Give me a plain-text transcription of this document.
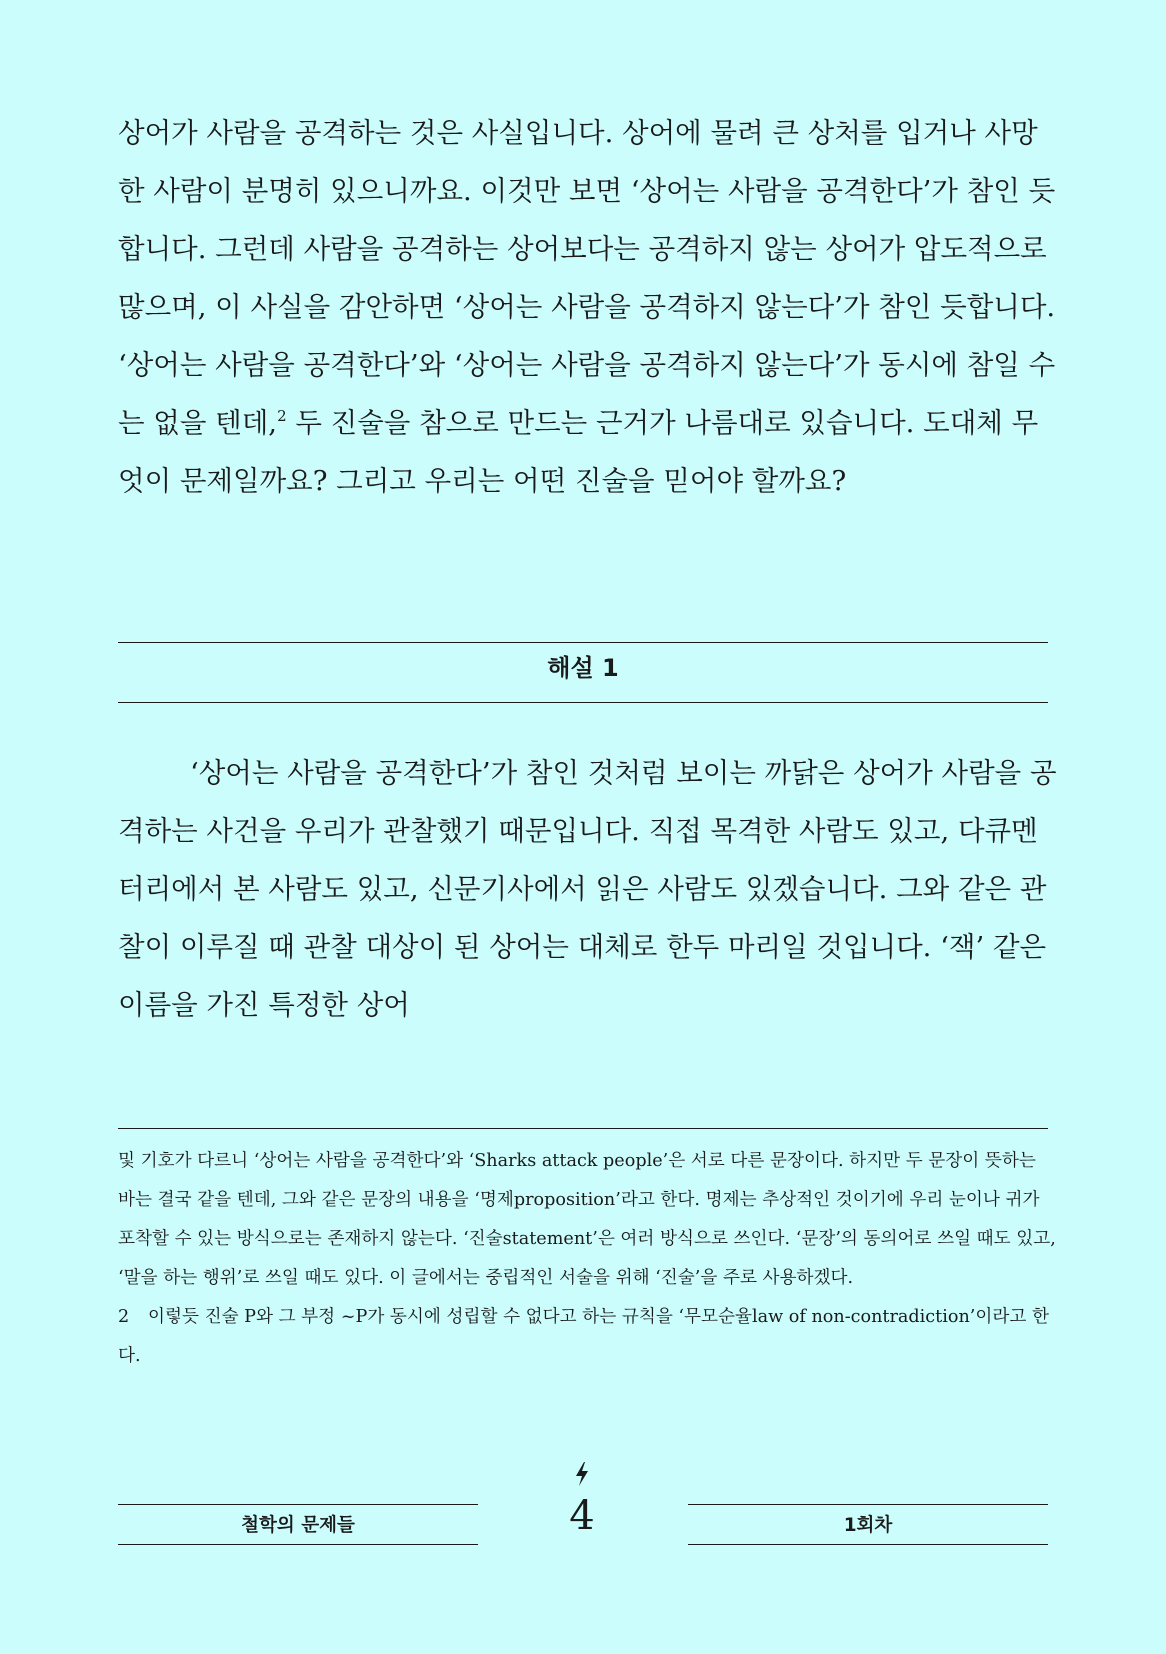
상어가 사람을 공격하는 것은 사실입니다. 상어에 물려 큰 상처를 입거나 사망한 사람이 분명히 있으니까요. 이것만 보면 ‘상어는 사람을 공격한다’가 참인 듯합니다. 그런데 사람을 공격하는 상어보다는 공격하지 않는 상어가 압도적으로 많으며, 이 사실을 감안하면 ‘상어는 사람을 공격하지 않는다’가 참인 듯합니다. ‘상어는 사람을 공격한다’와 ‘상어는 사람을 공격하지 않는다’가 동시에 참일 수는 없을 텐데,$^2$ 두 진술을 참으로 만드는 근거가 나름대로 있습니다. 도대체 무엇이 문제일까요? 그리고 우리는 어떤 진술을 믿어야 할까요?

해설 1

‘상어는 사람을 공격한다’가 참인 것처럼 보이는 까닭은 상어가 사람을 공격하는 사건을 우리가 관찰했기 때문입니다. 직접 목격한 사람도 있고, 다큐멘터리에서 본 사람도 있고, 신문기사에서 읽은 사람도 있겠습니다. 그와 같은 관찰이 이루질 때 관찰 대상이 된 상어는 대체로 한두 마리일 것입니다. ‘잭’ 같은 이름을 가진 특정한 상어

및 기호가 다르니 ‘상어는 사람을 공격한다’와 ‘Sharks attack people’은 서로 다른 문장이다. 하지만 두 문장이 뜻하는 바는 결국 같을 텐데, 그와 같은 문장의 내용을 ‘명제proposition’라고 한다. 명제는 추상적인 것이기에 우리 눈이나 귀가 포착할 수 있는 방식으로는 존재하지 않는다. ‘진술statement’은 여러 방식으로 쓰인다. ‘문장’의 동의어로 쓰일 때도 있고, ‘말을 하는 행위’로 쓰일 때도 있다. 이 글에서는 중립적인 서술을 위해 ‘진술’을 주로 사용하겠다.

2 이렇듯 진술 P와 그 부정 ~P가 동시에 성립할 수 없다고 하는 규칙을 ‘무모순율law of non-contradiction’이라고 한다.

철학의 문제들	4	1회차
